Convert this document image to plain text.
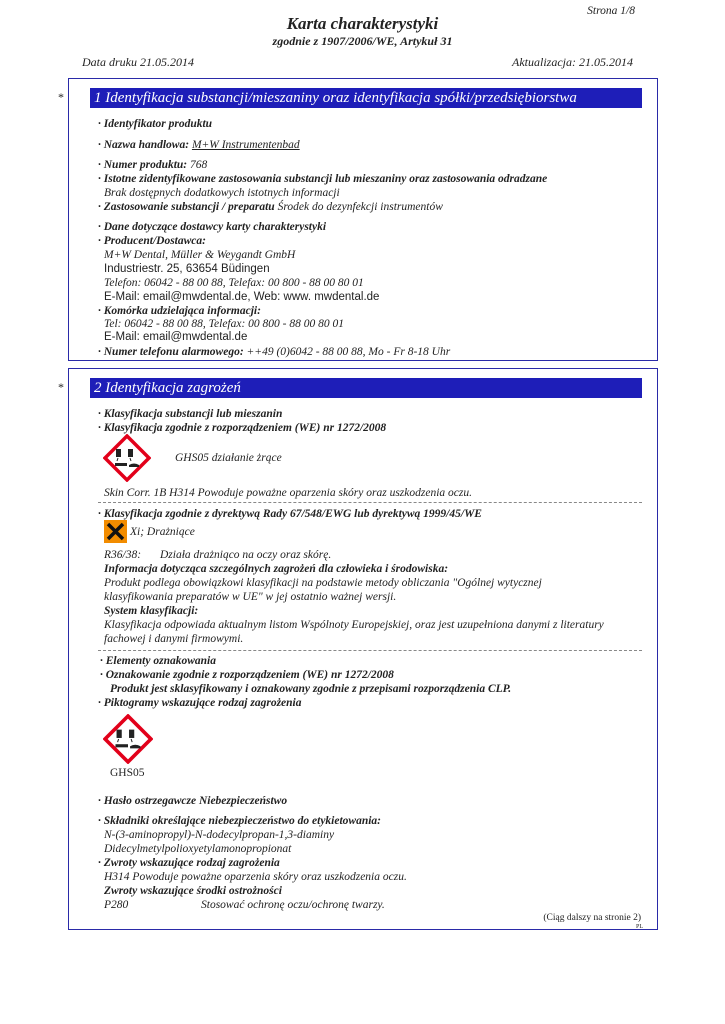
Strona 1/8
Karta charakterystyki
zgodnie z 1907/2006/WE, Artykuł 31
Data druku 21.05.2014	Aktualizacja: 21.05.2014
* 1 Identyfikacja substancji/mieszaniny oraz identyfikacja spółki/przedsiębiorstwa
· Identyfikator produktu
· Nazwa handlowa: M+W Instrumentenbad
· Numer produktu: 768
· Istotne zidentyfikowane zastosowania substancji lub mieszaniny oraz zastosowania odradzane
Brak dostępnych dodatkowych istotnych informacji
· Zastosowanie substancji / preparatu Środek do dezynfekcji instrumentów
· Dane dotyczące dostawcy karty charakterystyki
· Producent/Dostawca:
M+W Dental, Müller & Weygandt GmbH
Industriestr. 25, 63654 Büdingen
Telefon: 06042 - 88 00 88, Telefax: 00 800 - 88 00 80 01
E-Mail: email@mwdental.de, Web: www. mwdental.de
· Komórka udzielająca informacji:
Tel: 06042 - 88 00 88, Telefax: 00 800 - 88 00 80 01
E-Mail: email@mwdental.de
· Numer telefonu alarmowego: ++49 (0)6042 - 88 00 88, Mo - Fr 8-18 Uhr
* 2 Identyfikacja zagrożeń
· Klasyfikacja substancji lub mieszanin
· Klasyfikacja zgodnie z rozporządzeniem (WE) nr 1272/2008
GHS05 działanie żrące
Skin Corr. 1B H314 Powoduje poważne oparzenia skóry oraz uszkodzenia oczu.
· Klasyfikacja zgodnie z dyrektywą Rady 67/548/EWG lub dyrektywą 1999/45/WE
Xi; Drażniące
R36/38: Działa drażniąco na oczy oraz skórę.
Informacja dotycząca szczególnych zagrożeń dla człowieka i środowiska:
Produkt podlega obowiązkowi klasyfikacji na podstawie metody obliczania "Ogólnej wytycznej
klasyfikowania preparatów w UE" w jej ostatnio ważnej wersji.
System klasyfikacji:
Klasyfikacja odpowiada aktualnym listom Wspólnoty Europejskiej, oraz jest uzupełniona danymi z literatury
fachowej i danymi firmowymi.
· Elementy oznakowania
· Oznakowanie zgodnie z rozporządzeniem (WE) nr 1272/2008
Produkt jest sklasyfikowany i oznakowany zgodnie z przepisami rozporządzenia CLP.
· Piktogramy wskazujące rodzaj zagrożenia
GHS05
· Hasło ostrzegawcze Niebezpieczeństwo
· Składniki określające niebezpieczeństwo do etykietowania:
N-(3-aminopropyl)-N-dodecylpropan-1,3-diaminy
Didecylmetylpolioxyetylamonopropionat
· Zwroty wskazujące rodzaj zagrożenia
H314 Powoduje poważne oparzenia skóry oraz uszkodzenia oczu.
Zwroty wskazujące środki ostrożności
P280	Stosować ochronę oczu/ochronę twarzy.
(Ciąg dalszy na stronie 2)
PL
